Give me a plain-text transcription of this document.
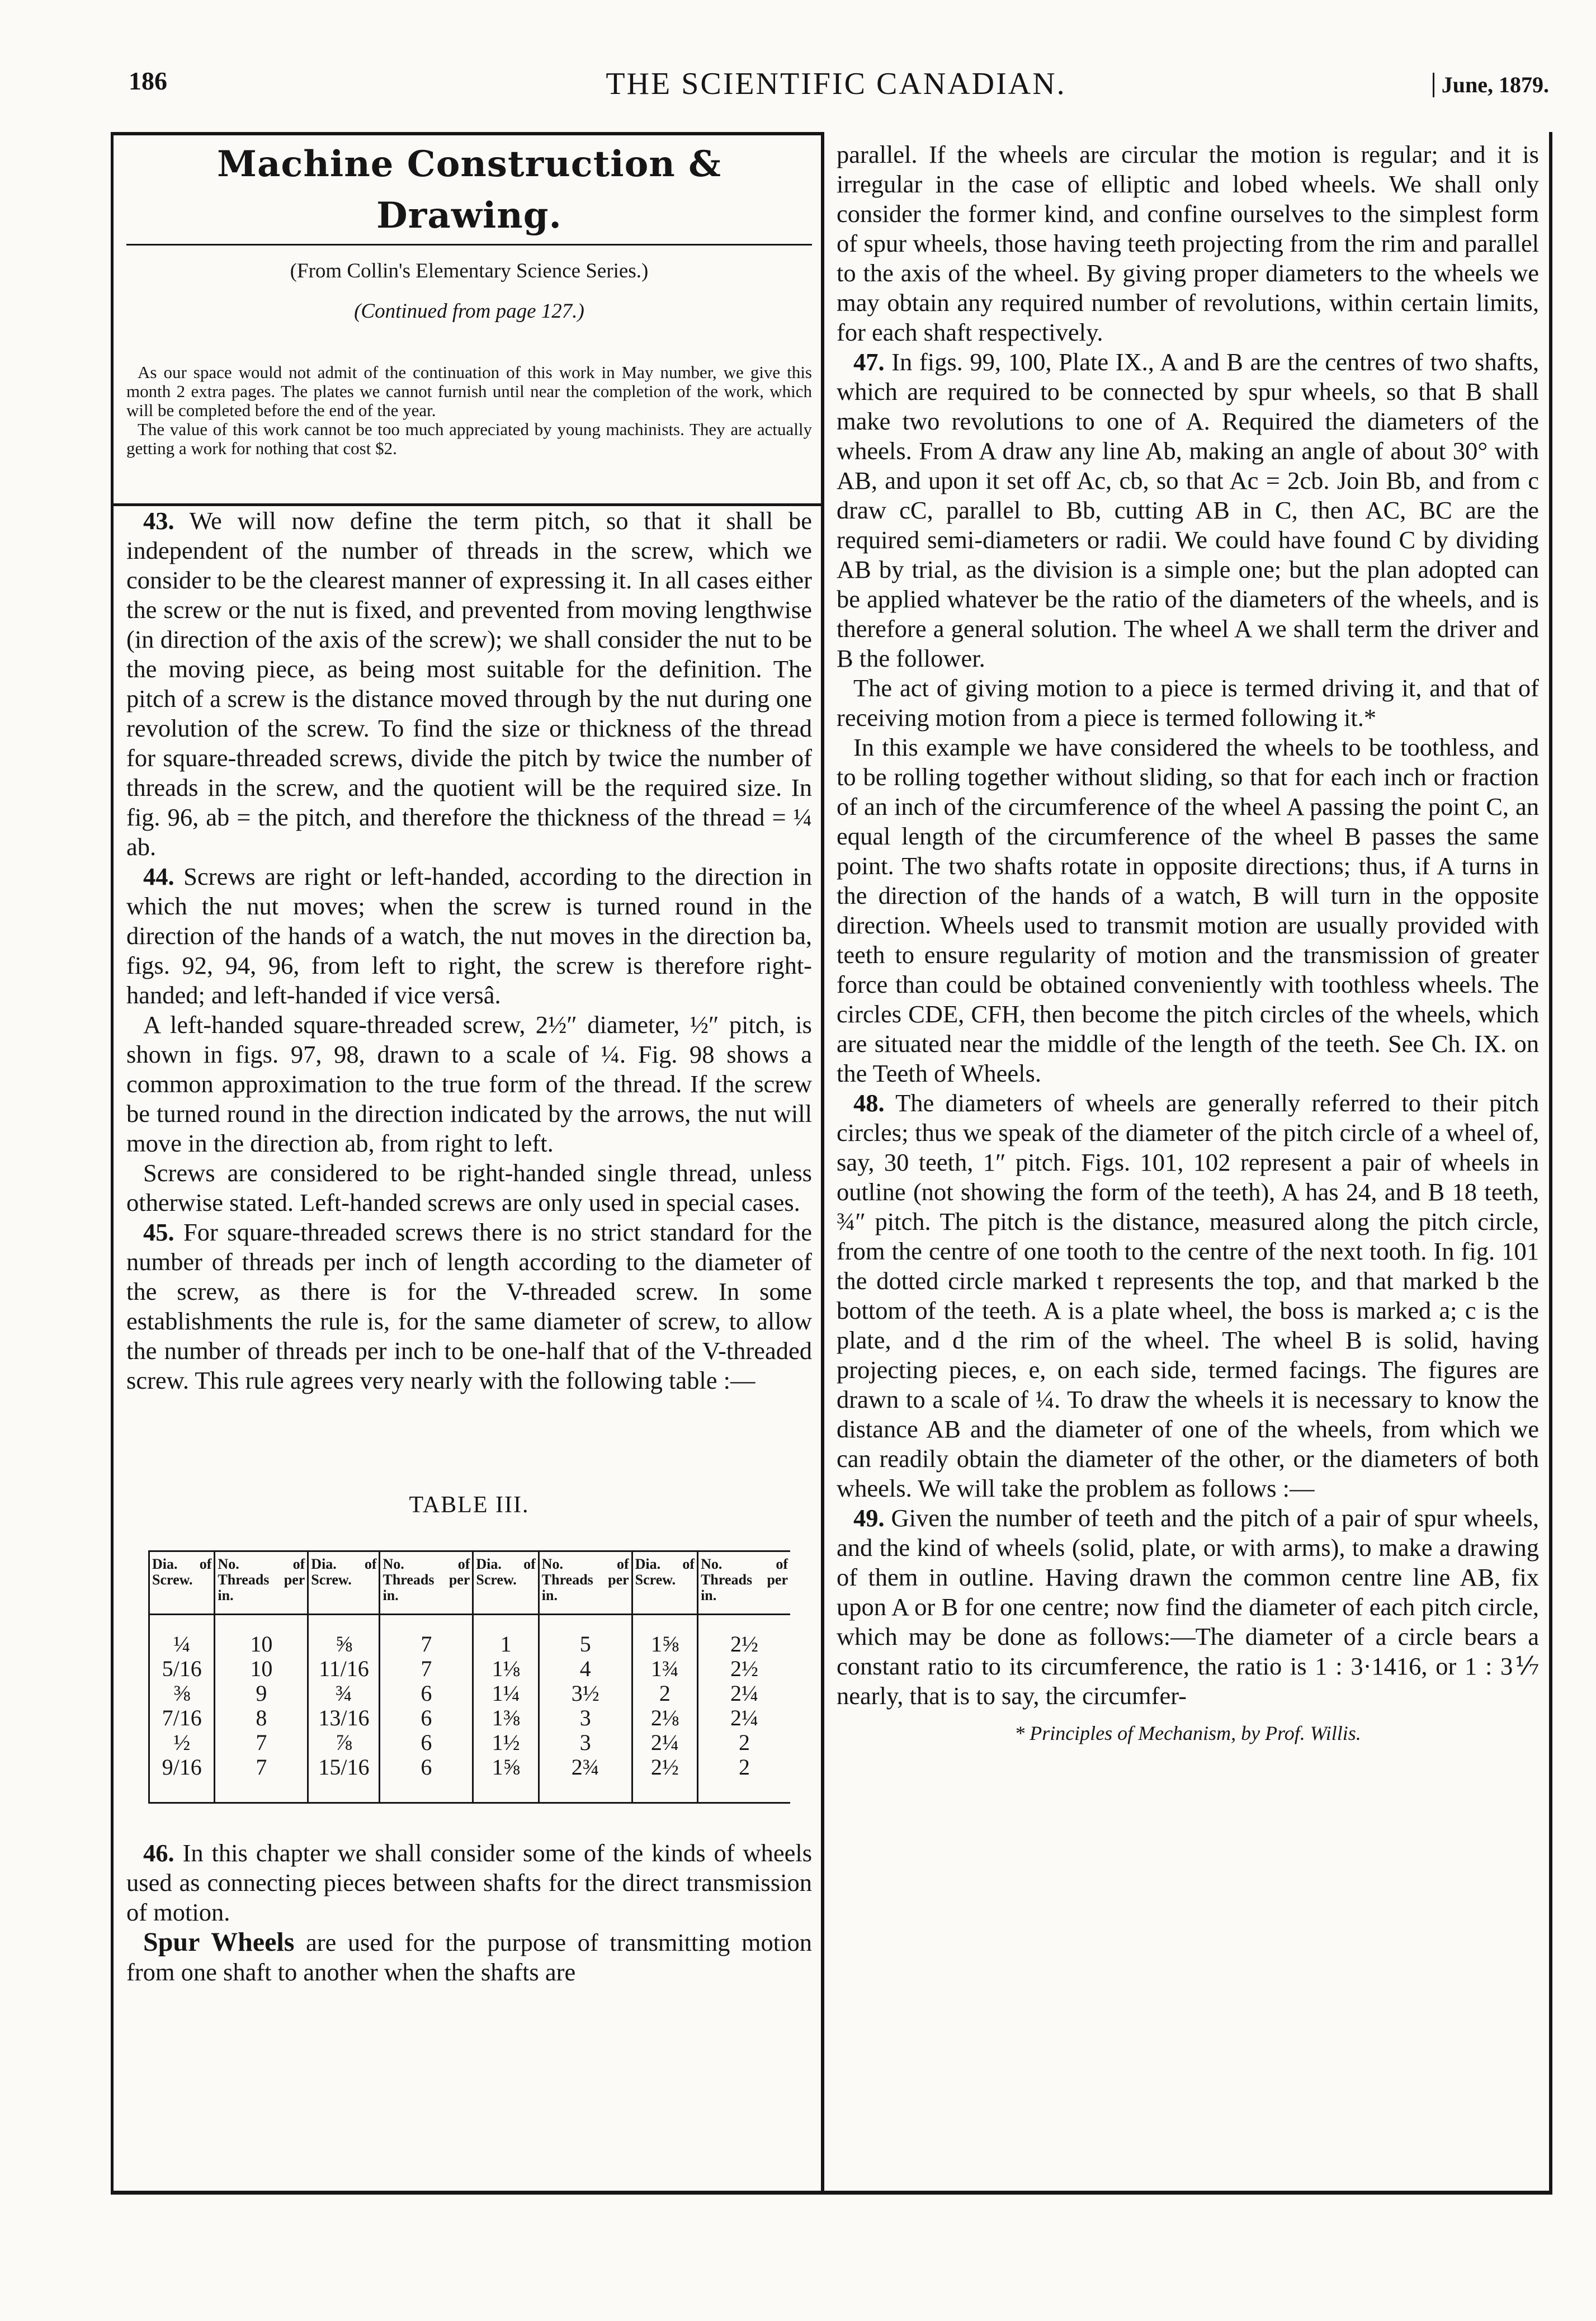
186	THE SCIENTIFIC CANADIAN.	June, 1879.
Machine Construction & Drawing.
(From Collin's Elementary Science Series.)
(Continued from page 127.)

As our space would not admit of the continuation of this work in May number, we give this month 2 extra pages. The plates we cannot furnish until near the completion of the work, which will be completed before the end of the year.

The value of this work cannot be too much appreciated by young machinists. They are actually getting a work for nothing that cost $2.

43. We will now define the term pitch, so that it shall be independent of the number of threads in the screw, which we consider to be the clearest manner of expressing it. In all cases either the screw or the nut is fixed, and prevented from moving lengthwise (in direction of the axis of the screw); we shall consider the nut to be the moving piece, as being most suitable for the definition. The pitch of a screw is the distance moved through by the nut during one revolution of the screw. To find the size or thickness of the thread for square-threaded screws, divide the pitch by twice the number of threads in the screw, and the quotient will be the required size. In fig. 96, ab = the pitch, and therefore the thickness of the thread = ¼ ab.

44. Screws are right or left-handed, according to the direction in which the nut moves; when the screw is turned round in the direction of the hands of a watch, the nut moves in the direction ba, figs. 92, 94, 96, from left to right, the screw is therefore right-handed; and left-handed if vice versâ.

A left-handed square-threaded screw, 2½″ diameter, ½″ pitch, is shown in figs. 97, 98, drawn to a scale of ¼. Fig. 98 shows a common approximation to the true form of the thread. If the screw be turned round in the direction indicated by the arrows, the nut will move in the direction ab, from right to left.

Screws are considered to be right-handed single thread, unless otherwise stated. Left-handed screws are only used in special cases.

45. For square-threaded screws there is no strict standard for the number of threads per inch of length according to the diameter of the screw, as there is for the V-threaded screw. In some establishments the rule is, for the same diameter of screw, to allow the number of threads per inch to be one-half that of the V-threaded screw. This rule agrees very nearly with the following table :—

TABLE III.
Dia. of Screw.	No. of Threads per in.	Dia. of Screw.	No. of Threads per in.	Dia. of Screw.	No. of Threads per in.	Dia. of Screw.	No. of Threads per in.
¼	10	⅝	7	1	5	1⅝	2½
5/16	10	11/16	7	1⅛	4	1¾	2½
⅜	9	¾	6	1¼	3½	2	2¼
7/16	8	13/16	6	1⅜	3	2⅛	2¼
½	7	⅞	6	1½	3	2¼	2
9/16	7	15/16	6	1⅝	2¾	2½	2

46. In this chapter we shall consider some of the kinds of wheels used as connecting pieces between shafts for the direct transmission of motion.

Spur Wheels are used for the purpose of transmitting motion from one shaft to another when the shafts are

parallel. If the wheels are circular the motion is regular; and it is irregular in the case of elliptic and lobed wheels. We shall only consider the former kind, and confine ourselves to the simplest form of spur wheels, those having teeth projecting from the rim and parallel to the axis of the wheel. By giving proper diameters to the wheels we may obtain any required number of revolutions, within certain limits, for each shaft respectively.

47. In figs. 99, 100, Plate IX., A and B are the centres of two shafts, which are required to be connected by spur wheels, so that B shall make two revolutions to one of A. Required the diameters of the wheels. From A draw any line Ab, making an angle of about 30° with AB, and upon it set off Ac, cb, so that Ac = 2cb. Join Bb, and from c draw cC, parallel to Bb, cutting AB in C, then AC, BC are the required semi-diameters or radii. We could have found C by dividing AB by trial, as the division is a simple one; but the plan adopted can be applied whatever be the ratio of the diameters of the wheels, and is therefore a general solution. The wheel A we shall term the driver and B the follower.

The act of giving motion to a piece is termed driving it, and that of receiving motion from a piece is termed following it.*

In this example we have considered the wheels to be toothless, and to be rolling together without sliding, so that for each inch or fraction of an inch of the circumference of the wheel A passing the point C, an equal length of the circumference of the wheel B passes the same point. The two shafts rotate in opposite directions; thus, if A turns in the direction of the hands of a watch, B will turn in the opposite direction. Wheels used to transmit motion are usually provided with teeth to ensure regularity of motion and the transmission of greater force than could be obtained conveniently with toothless wheels. The circles CDE, CFH, then become the pitch circles of the wheels, which are situated near the middle of the length of the teeth. See Ch. IX. on the Teeth of Wheels.

48. The diameters of wheels are generally referred to their pitch circles; thus we speak of the diameter of the pitch circle of a wheel of, say, 30 teeth, 1″ pitch. Figs. 101, 102 represent a pair of wheels in outline (not showing the form of the teeth), A has 24, and B 18 teeth, ¾″ pitch. The pitch is the distance, measured along the pitch circle, from the centre of one tooth to the centre of the next tooth. In fig. 101 the dotted circle marked t represents the top, and that marked b the bottom of the teeth. A is a plate wheel, the boss is marked a; c is the plate, and d the rim of the wheel. The wheel B is solid, having projecting pieces, e, on each side, termed facings. The figures are drawn to a scale of ¼. To draw the wheels it is necessary to know the distance AB and the diameter of one of the wheels, from which we can readily obtain the diameter of the other, or the diameters of both wheels. We will take the problem as follows :—

49. Given the number of teeth and the pitch of a pair of spur wheels, and the kind of wheels (solid, plate, or with arms), to make a drawing of them in outline. Having drawn the common centre line AB, fix upon A or B for one centre; now find the diameter of each pitch circle, which may be done as follows:—The diameter of a circle bears a constant ratio to its circumference, the ratio is 1 : 3·1416, or 1 : 3⅐ nearly, that is to say, the circumfer-

* Principles of Mechanism, by Prof. Willis.
